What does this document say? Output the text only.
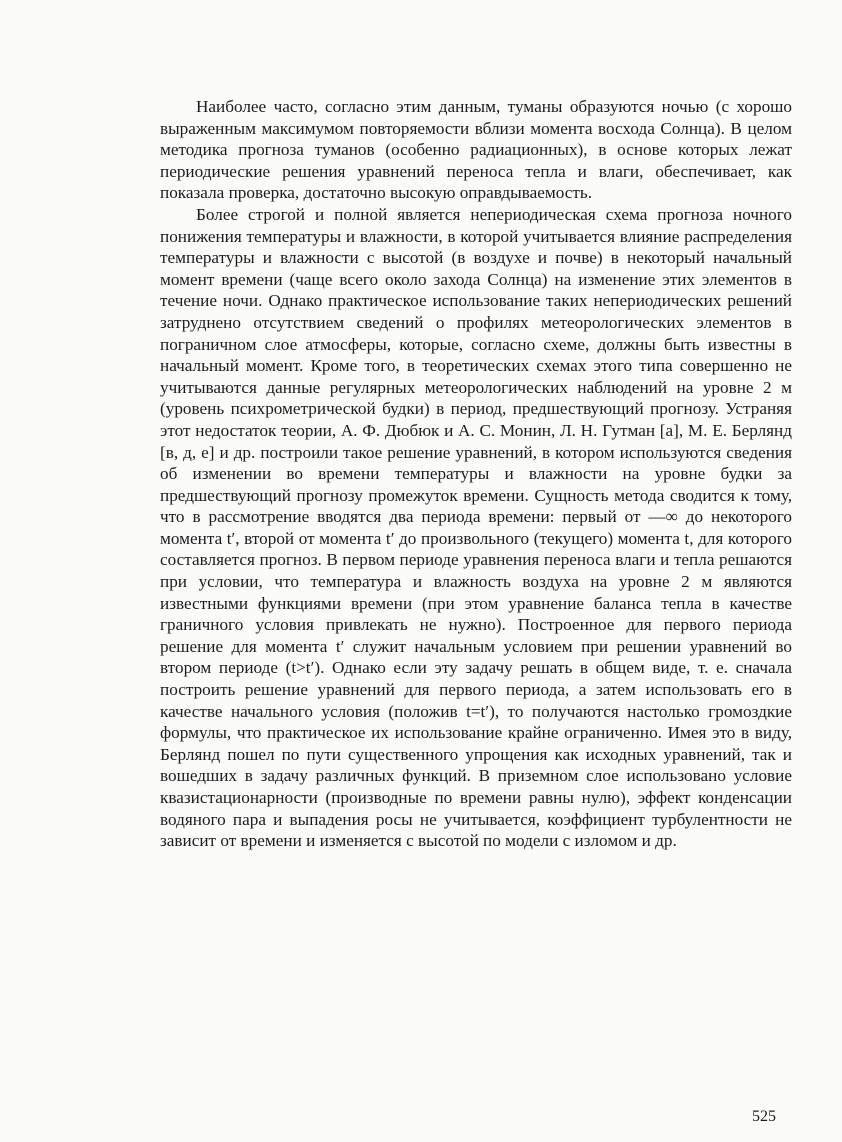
Наиболее часто, согласно этим данным, туманы образуются ночью (с хорошо выраженным максимумом повторяемости вблизи момента восхода Солнца). В целом методика прогноза туманов (особенно радиационных), в основе которых лежат периодические решения уравнений переноса тепла и влаги, обеспечивает, как показала проверка, достаточно высокую оправдываемость.

Более строгой и полной является непериодическая схема прогноза ночного понижения температуры и влажности, в которой учитывается влияние распределения температуры и влажности с высотой (в воздухе и почве) в некоторый начальный момент времени (чаще всего около захода Солнца) на изменение этих элементов в течение ночи. Однако практическое использование таких непериодических решений затруднено отсутствием сведений о профилях метеорологических элементов в пограничном слое атмосферы, которые, согласно схеме, должны быть известны в начальный момент. Кроме того, в теоретических схемах этого типа совершенно не учитываются данные регулярных метеорологических наблюдений на уровне 2 м (уровень психрометрической будки) в период, предшествующий прогнозу. Устраняя этот недостаток теории, А. Ф. Дюбюк и А. С. Монин, Л. Н. Гутман [а], М. Е. Берлянд [в, д, е] и др. построили такое решение уравнений, в котором используются сведения об изменении во времени температуры и влажности на уровне будки за предшествующий прогнозу промежуток времени. Сущность метода сводится к тому, что в рассмотрение вводятся два периода времени: первый от —∞ до некоторого момента t′, второй от момента t′ до произвольного (текущего) момента t, для которого составляется прогноз. В первом периоде уравнения переноса влаги и тепла решаются при условии, что температура и влажность воздуха на уровне 2 м являются известными функциями времени (при этом уравнение баланса тепла в качестве граничного условия привлекать не нужно). Построенное для первого периода решение для момента t′ служит начальным условием при решении уравнений во втором периоде (t>t′). Однако если эту задачу решать в общем виде, т. е. сначала построить решение уравнений для первого периода, а затем использовать его в качестве начального условия (положив t=t′), то получаются настолько громоздкие формулы, что практическое их использование крайне ограниченно. Имея это в виду, Берлянд пошел по пути существенного упрощения как исходных уравнений, так и вошедших в задачу различных функций. В приземном слое использовано условие квазистационарности (производные по времени равны нулю), эффект конденсации водяного пара и выпадения росы не учитывается, коэффициент турбулентности не зависит от времени и изменяется с высотой по модели с изломом и др.

525
